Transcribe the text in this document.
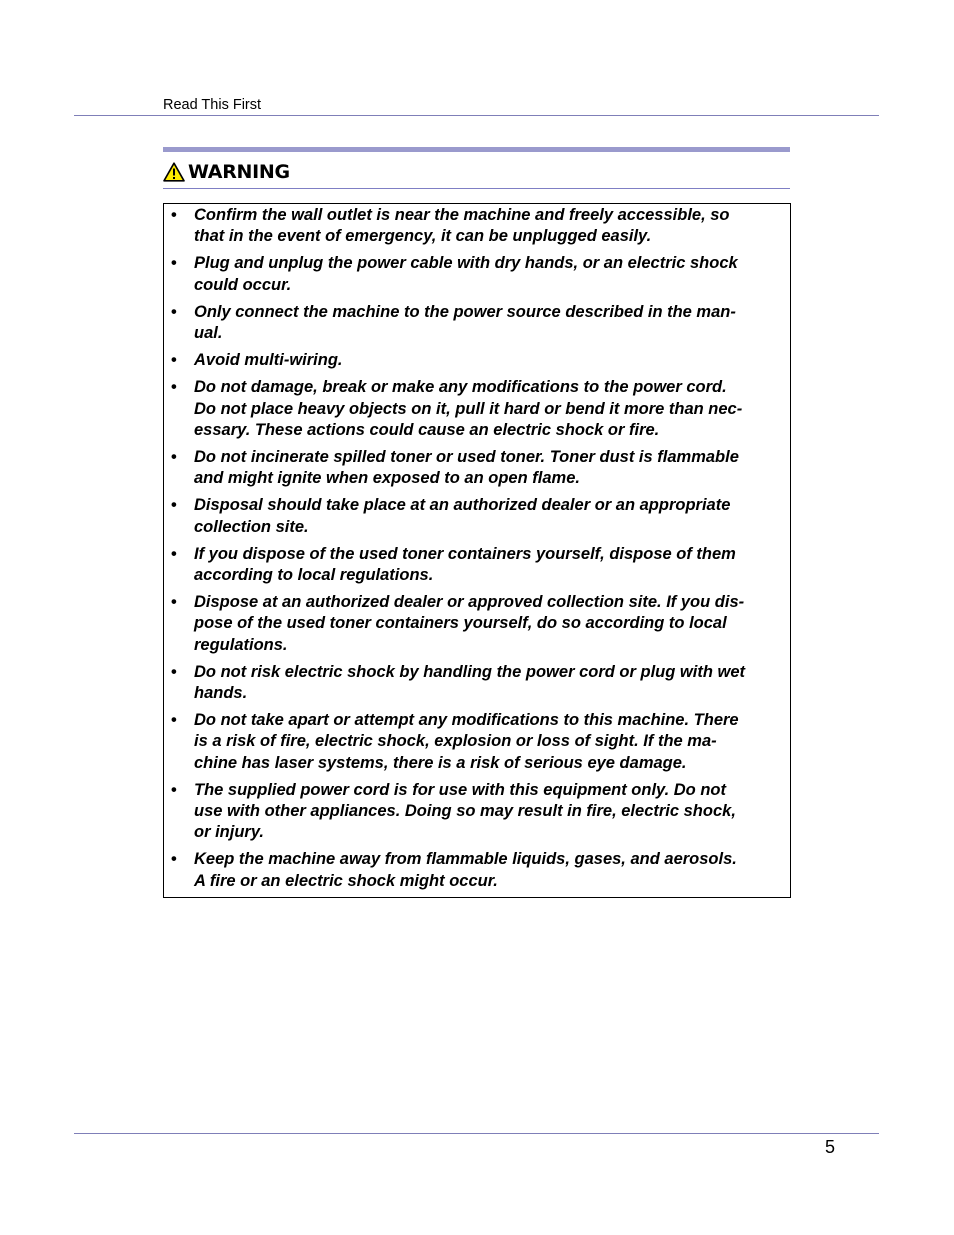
Read This First
WARNING
• Confirm the wall outlet is near the machine and freely accessible, so
that in the event of emergency, it can be unplugged easily.
• Plug and unplug the power cable with dry hands, or an electric shock
could occur.
• Only connect the machine to the power source described in the man-
ual.
• Avoid multi-wiring.
• Do not damage, break or make any modifications to the power cord.
Do not place heavy objects on it, pull it hard or bend it more than nec-
essary. These actions could cause an electric shock or fire.
• Do not incinerate spilled toner or used toner. Toner dust is flammable
and might ignite when exposed to an open flame.
• Disposal should take place at an authorized dealer or an appropriate
collection site.
• If you dispose of the used toner containers yourself, dispose of them
according to local regulations.
• Dispose at an authorized dealer or approved collection site. If you dis-
pose of the used toner containers yourself, do so according to local
regulations.
• Do not risk electric shock by handling the power cord or plug with wet
hands.
• Do not take apart or attempt any modifications to this machine. There
is a risk of fire, electric shock, explosion or loss of sight. If the ma-
chine has laser systems, there is a risk of serious eye damage.
• The supplied power cord is for use with this equipment only. Do not
use with other appliances. Doing so may result in fire, electric shock,
or injury.
• Keep the machine away from flammable liquids, gases, and aerosols.
A fire or an electric shock might occur.
5
